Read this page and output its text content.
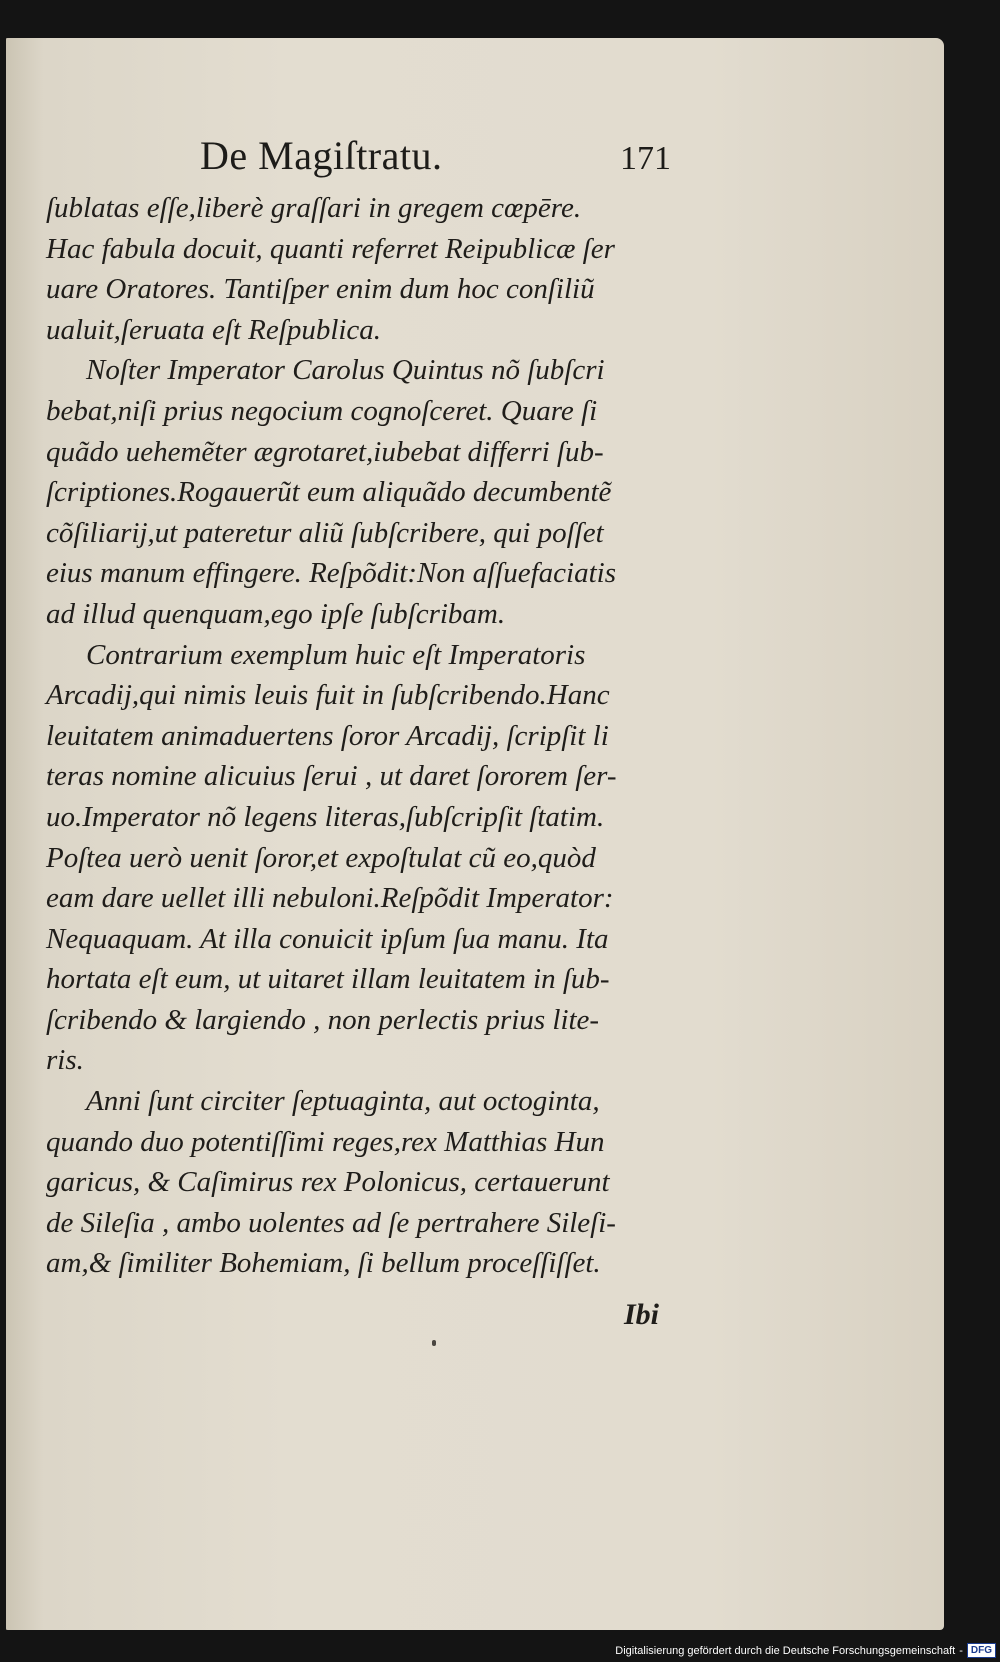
De Magiſtratu.	171
ſublatas eſſe,liberè graſſari in gregem cœpēre.
Hac fabula docuit, quanti referret Reipublicæ ſer
uare Oratores. Tantiſper enim dum hoc conſiliũ
ualuit,ſeruata eſt Reſpublica.
Noſter Imperator Carolus Quintus nõ ſubſcri
bebat,niſi prius negocium cognoſceret. Quare ſi
quãdo uehemẽter ægrotaret,iubebat differri ſub-
ſcriptiones.Rogauerũt eum aliquãdo decumbentẽ
cõſiliarij,ut pateretur aliũ ſubſcribere, qui poſſet
eius manum effingere. Reſpõdit:Non aſſuefaciatis
ad illud quenquam,ego ipſe ſubſcribam.
Contrarium exemplum huic eſt Imperatoris
Arcadij,qui nimis leuis fuit in ſubſcribendo.Hanc
leuitatem animaduertens ſoror Arcadij, ſcripſit li
teras nomine alicuius ſerui , ut daret ſororem ſer-
uo.Imperator nõ legens literas,ſubſcripſit ſtatim.
Poſtea uerò uenit ſoror,et expoſtulat cũ eo,quòd
eam dare uellet illi nebuloni.Reſpõdit Imperator:
Nequaquam. At illa conuicit ipſum ſua manu. Ita
hortata eſt eum, ut uitaret illam leuitatem in ſub-
ſcribendo & largiendo , non perlectis prius lite-
ris.
Anni ſunt circiter ſeptuaginta, aut octoginta,
quando duo potentiſſimi reges,rex Matthias Hun
garicus, & Caſimirus rex Polonicus, certauerunt
de Sileſia , ambo uolentes ad ſe pertrahere Sileſi-
am,& ſimiliter Bohemiam, ſi bellum proceſſiſſet.
Ibi
Digitalisierung gefördert durch die Deutsche Forschungsgemeinschaft - DFG
